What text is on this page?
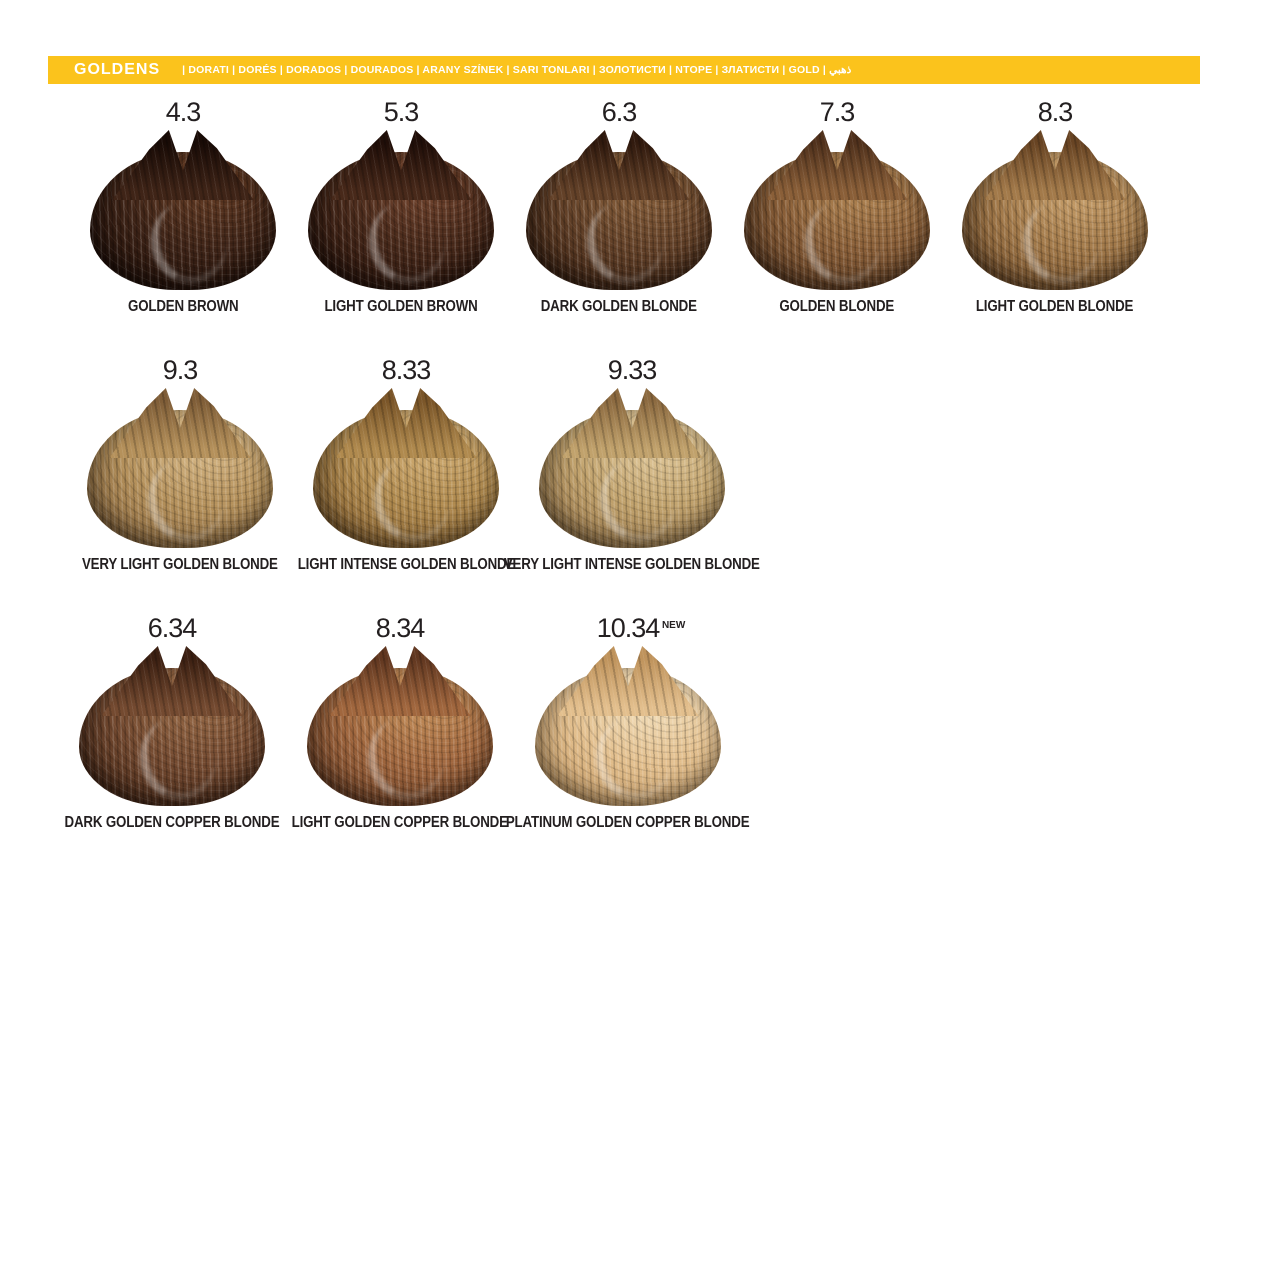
GOLDENS | DORATI | DORÉS | DORADOS | DOURADOS | ARANY SZÍNEK | SARI TONLARI | ЗОЛОТИСТИ | NTOPE | ЗЛАТИСТИ | GOLD | ذهبي
4.3
GOLDEN BROWN
5.3
LIGHT GOLDEN BROWN
6.3
DARK GOLDEN BLONDE
7.3
GOLDEN BLONDE
8.3
LIGHT GOLDEN BLONDE
9.3
VERY LIGHT GOLDEN BLONDE
8.33
LIGHT INTENSE GOLDEN BLONDE
9.33
VERY LIGHT INTENSE GOLDEN BLONDE
6.34
DARK GOLDEN COPPER BLONDE
8.34
LIGHT GOLDEN COPPER BLONDE
10.34 NEW
PLATINUM GOLDEN COPPER BLONDE
